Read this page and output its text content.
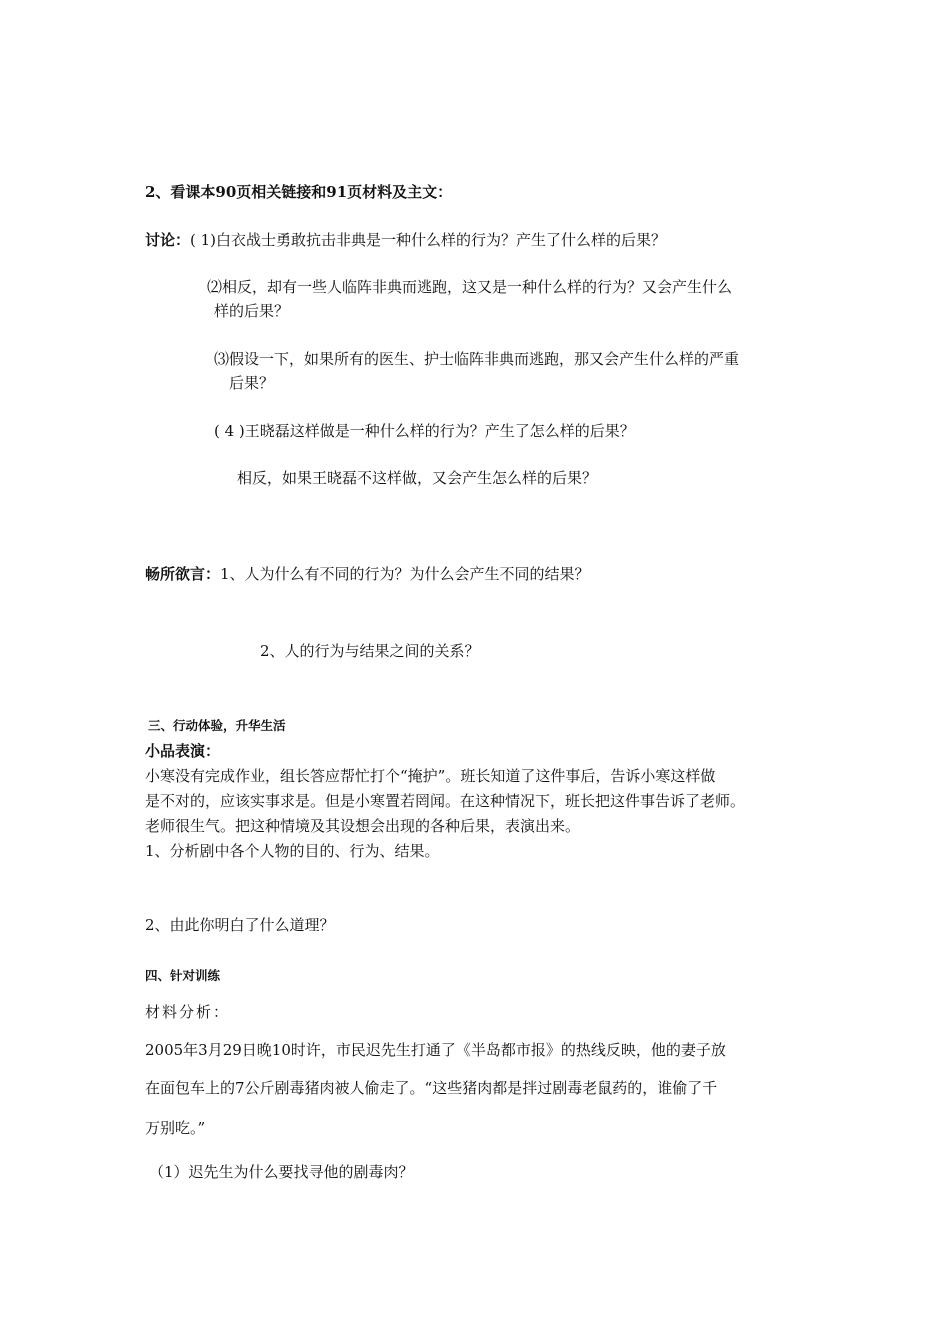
2、看课本90页相关链接和91页材料及主文：
讨论：( 1)白衣战士勇敢抗击非典是一种什么样的行为？产生了什么样的后果？
⑵相反，却有一些人临阵非典而逃跑，这又是一种什么样的行为？又会产生什么
样的后果？
⑶假设一下，如果所有的医生、护士临阵非典而逃跑，那又会产生什么样的严重
后果？
( 4 )王晓磊这样做是一种什么样的行为？产生了怎么样的后果？
相反，如果王晓磊不这样做，又会产生怎么样的后果？
畅所欲言：1、人为什么有不同的行为？为什么会产生不同的结果？
2、人的行为与结果之间的关系？
三、行动体验，升华生活
小品表演：
小寒没有完成作业，组长答应帮忙打个“掩护”。班长知道了这件事后，告诉小寒这样做
是不对的，应该实事求是。但是小寒置若罔闻。在这种情况下，班长把这件事告诉了老师。
老师很生气。把这种情境及其设想会出现的各种后果，表演出来。
1、分析剧中各个人物的目的、行为、结果。
2、由此你明白了什么道理？
四、针对训练
材料分析：
2005年3月29日晚10时许，市民迟先生打通了《半岛都市报》的热线反映，他的妻子放
在面包车上的7公斤剧毒猪肉被人偷走了。“这些猪肉都是拌过剧毒老鼠药的，谁偷了千
万别吃。”
（1）迟先生为什么要找寻他的剧毒肉？
